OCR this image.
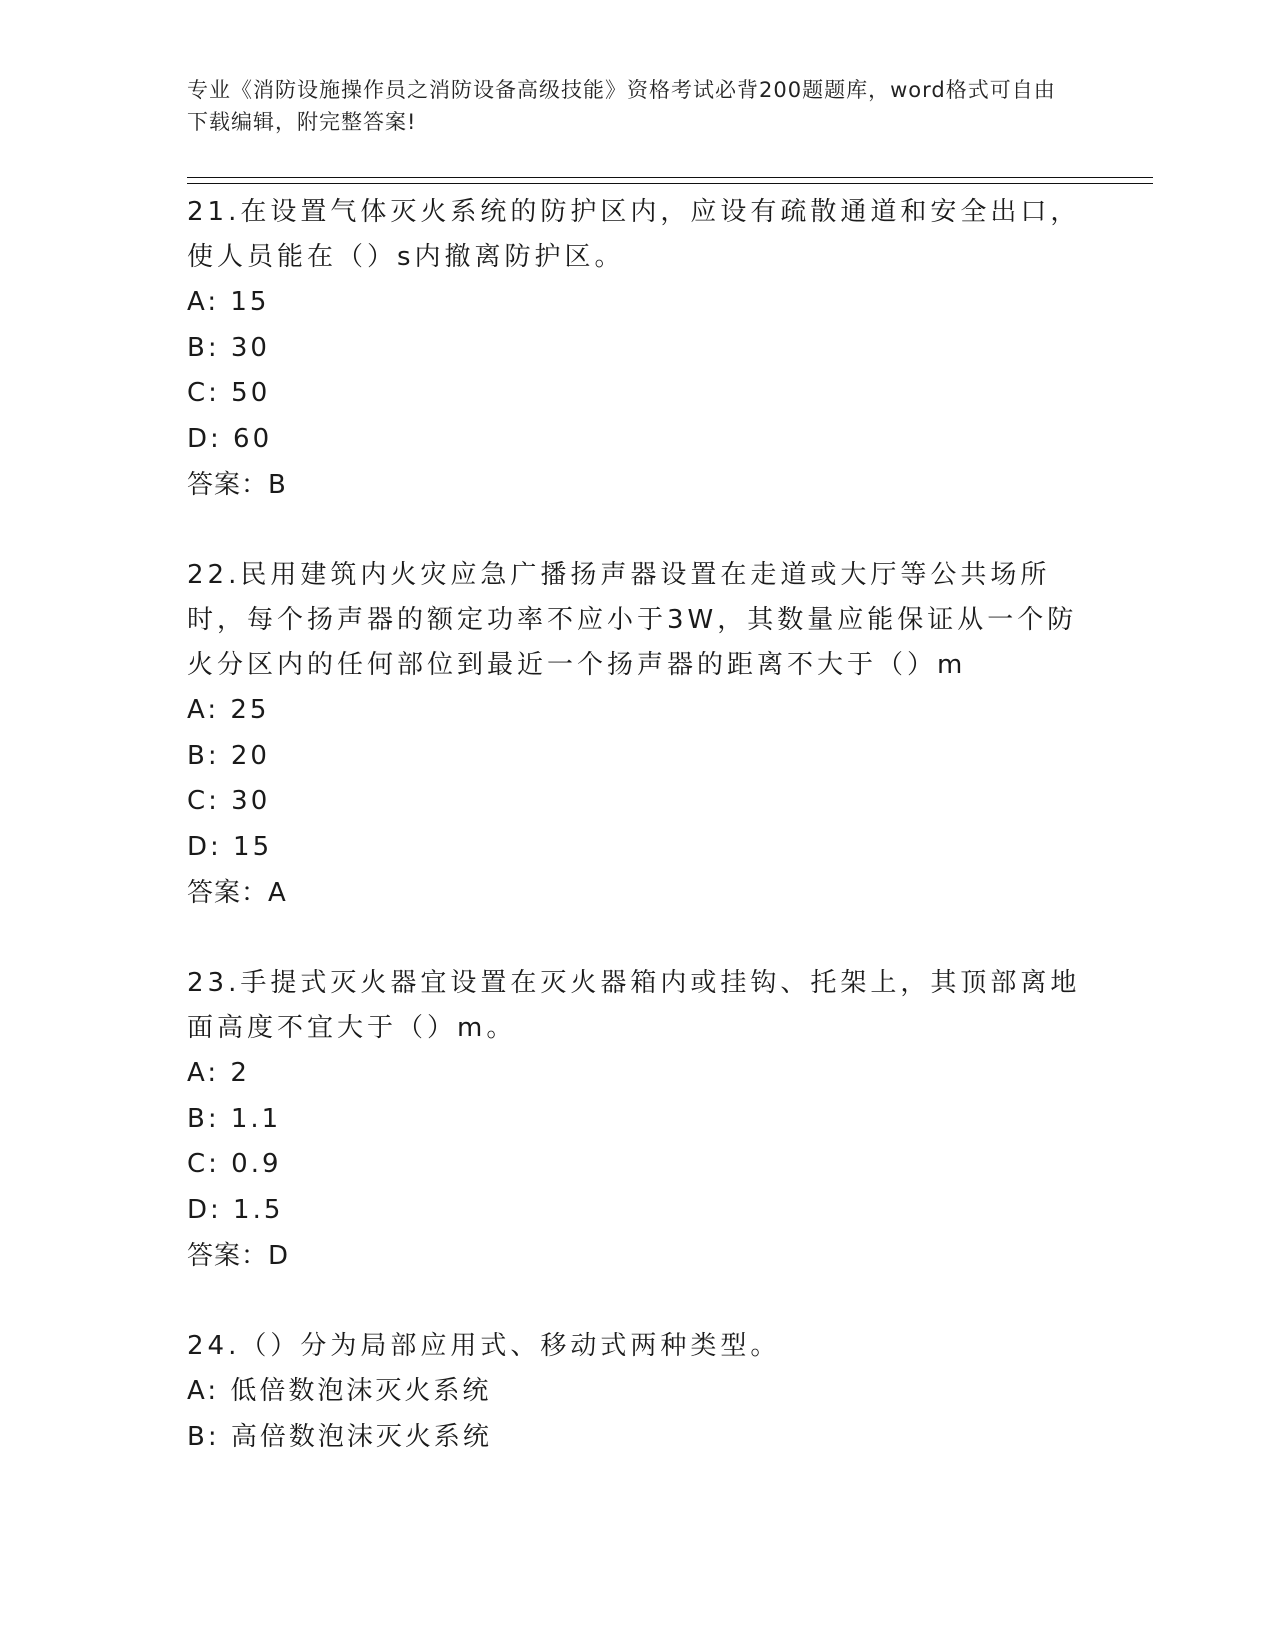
专业《消防设施操作员之消防设备高级技能》资格考试必背200题题库，word格式可自由下载编辑，附完整答案!

21.在设置气体灭火系统的防护区内，应设有疏散通道和安全出口，使人员能在（）s内撤离防护区。

A: 15
B: 30
C: 50
D: 60

答案：B

22.民用建筑内火灾应急广播扬声器设置在走道或大厅等公共场所时，每个扬声器的额定功率不应小于3W，其数量应能保证从一个防火分区内的任何部位到最近一个扬声器的距离不大于（）m

A: 25
B: 20
C: 30
D: 15

答案：A

23.手提式灭火器宜设置在灭火器箱内或挂钩、托架上，其顶部离地面高度不宜大于（）m。

A: 2
B: 1.1
C: 0.9
D: 1.5

答案：D

24.（）分为局部应用式、移动式两种类型。

A: 低倍数泡沫灭火系统
B: 高倍数泡沫灭火系统
